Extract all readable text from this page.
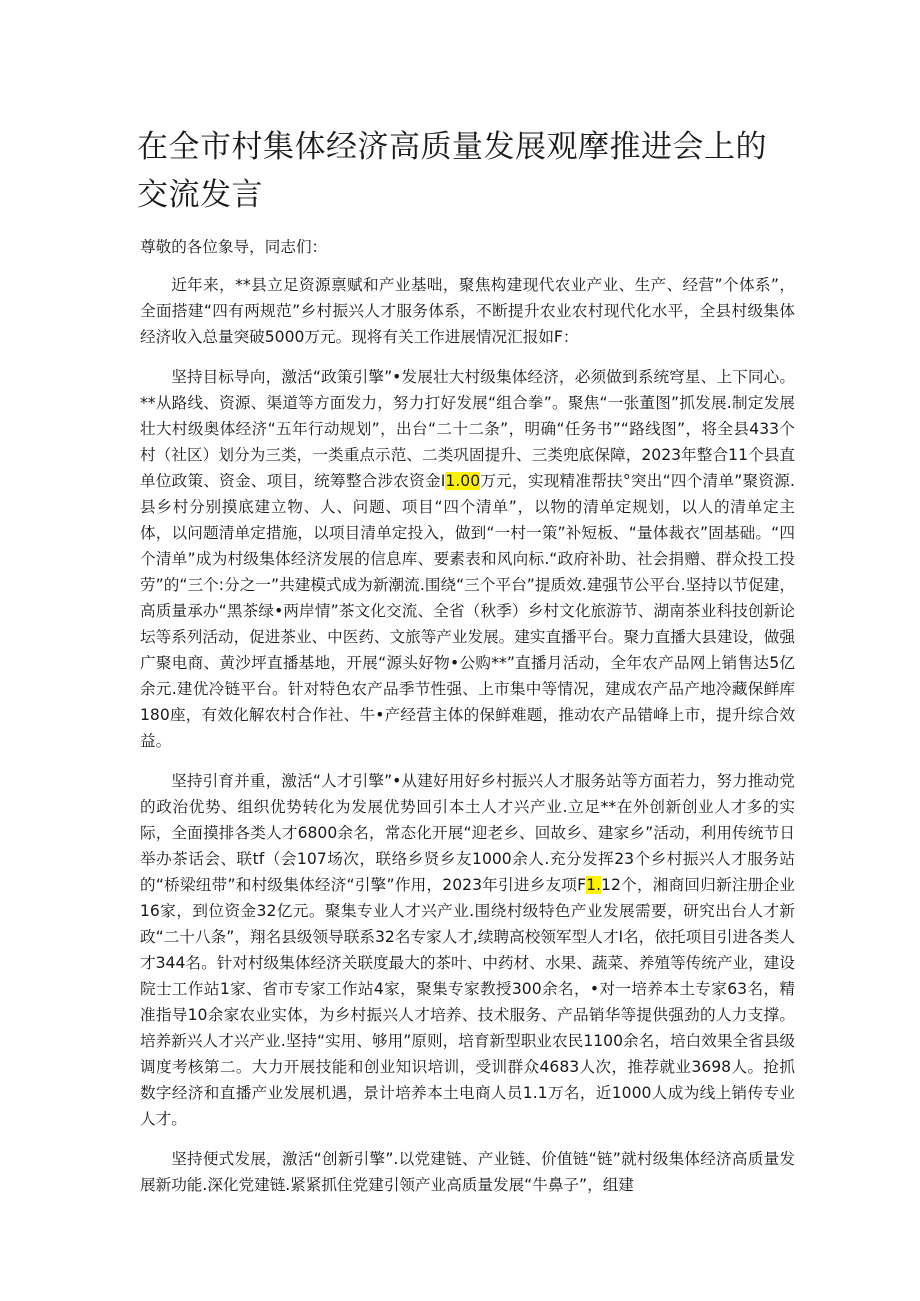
在全市村集体经济高质量发展观摩推进会上的交流发言

尊敬的各位象导，同志们：

近年来，**县立足资源禀赋和产业基咄，聚焦构建现代农业产业、生产、经营”个体系”，全面搭建“四有两规范”乡村振兴人才服务体系，不断提升农业农村现代化水平，全县村级集体经济收入总量突破5000万元。现将有关工作进展情况汇报如F：

坚持目标导向，激活“政策引擎”•发展壮大村级集体经济，必须做到系统穹星、上下同心。**从路线、资源、渠道等方面发力，努力打好发展“组合拳”。聚焦“一张董图”抓发展.制定发展壮大村级奥体经济“五年行动规划”，出台“二十二条”，明确“任务书”“路线图”，将全县433个村（社区）划分为三类，一类重点示范、二类巩固提升、三类兜底保障，2023年整合11个县直单位政策、资金、项目，统筹整合涉农资金I1.00万元，实现精准帮扶°突出“四个清单”聚资源.县乡村分别摸底建立物、人、问题、项目“四个清单”，以物的清单定规划，以人的清单定主体，以问题清单定措施，以项目清单定投入，做到“一村一策”补短板、“量体裁衣”固基础。“四个清单”成为村级集体经济发展的信息库、要素表和风向标.“政府补助、社会捐赠、群众投工投劳”的“三个:分之一”共建模式成为新潮流.围绕“三个平台”提质效.建强节公平台.坚持以节促建，高质量承办“黑茶绿•两岸情”茶文化交流、全省（秋季）乡村文化旅游节、湖南茶业科技创新论坛等系列活动，促进茶业、中医药、文旅等产业发展。建实直播平台。聚力直播大县建设，做强广聚电商、黄沙坪直播基地，开展“源头好物•公购**”直播月活动，全年农产品网上销售达5亿余元.建优冷链平台。针对特色农产品季节性强、上市集中等情况，建成农产品产地冷藏保鲜库180座，有效化解农村合作社、牛•产经营主体的保鲜难题，推动农产品错峰上市，提升综合效益。

坚持引育并重，激活“人才引擎”•从建好用好乡村振兴人才服务站等方面若力，努力推动党的政治优势、组织优势转化为发展优势回引本土人才兴产业.立足**在外创新创业人才多的实际，全面摸排各类人才6800余名，常态化开展“迎老乡、回故乡、建家乡”活动，利用传统节日举办茶话会、联tf（会107场次，联络乡贤乡友1000余人.充分发挥23个乡村振兴人才服务站的“桥梁纽带”和村级集体经济“引擎”作用，2023年引进乡友项F1.12个，湘商回归新注册企业16家，到位资金32亿元。聚集专业人才兴产业.围绕村级特色产业发展需要，研究出台人才新政“二十八条”，翔名县级领导联系32名专家人才,续聘高校领军型人才I名，依托项目引进各类人才344名。针对村级集体经济关联度最大的茶叶、中药材、水果、蔬菜、养殖等传统产业，建设院士工作站1家、省市专家工作站4家，聚集专家教授300余名，•对一培养本土专家63名，精准指导10余家农业实体，为乡村振兴人才培养、技术服务、产品销华等提供强劲的人力支撑。培养新兴人才兴产业.坚持“实用、够用”原则，培育新型职业农民1100余名，培白效果全省县级调度考核第二。大力开展技能和创业知识培训，受训群众4683人次，推荐就业3698人。抢抓数字经济和直播产业发展机遇，景计培养本土电商人员1.1万名，近1000人成为线上销传专业人才。

坚持便式发展，激活“创新引擎”.以党建链、产业链、价值链“链”就村级集体经济高质量发展新功能.深化党建链.紧紧抓住党建引领产业高质量发展“牛鼻子”，组建
